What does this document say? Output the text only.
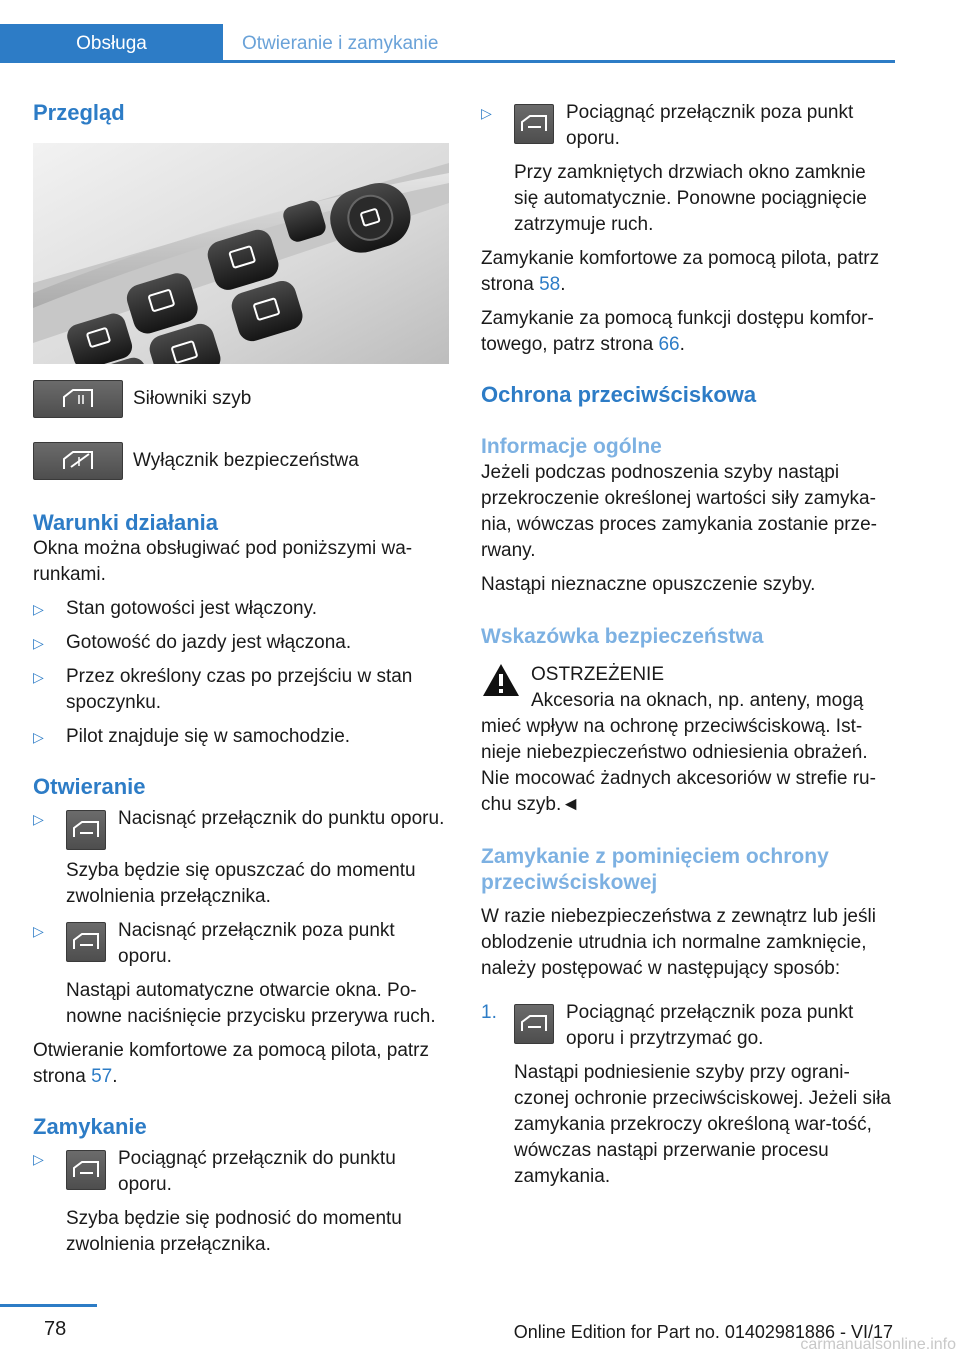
Obsługa	Otwieranie i zamykanie
Przegląd
Siłowniki szyb
Wyłącznik bezpieczeństwa
Warunki działania

Okna można obsługiwać pod poniższymi wa-runkami.

▷	Stan gotowości jest włączony.
▷	Gotowość do jazdy jest włączona.
▷	Przez określony czas po przejściu w stan spoczynku.
▷	Pilot znajduje się w samochodzie.
Otwieranie
▷	Nacisnąć przełącznik do punktu oporu.

Szyba będzie się opuszczać do momentu zwolnienia przełącznika.

▷	Nacisnąć przełącznik poza punkt oporu.

Nastąpi automatyczne otwarcie okna. Po-nowne naciśnięcie przycisku przerywa ruch.

Otwieranie komfortowe za pomocą pilota, patrz strona 57.

Zamykanie
▷	Pociągnąć przełącznik do punktu oporu.

Szyba będzie się podnosić do momentu zwolnienia przełącznika.

▷	Pociągnąć przełącznik poza punkt oporu.

Przy zamkniętych drzwiach okno zamknie się automatycznie. Ponowne pociągnięcie zatrzymuje ruch.

Zamykanie komfortowe za pomocą pilota, patrz strona 58.

Zamykanie za pomocą funkcji dostępu komfor-towego, patrz strona 66.

Ochrona przeciwściskowa
Informacje ogólne

Jeżeli podczas podnoszenia szyby nastąpi przekroczenie określonej wartości siły zamyka-nia, wówczas proces zamykania zostanie prze-rwany.

Nastąpi nieznaczne opuszczenie szyby.

Wskazówka bezpieczeństwa
OSTRZEŻENIE

Akcesoria na oknach, np. anteny, mogą mieć wpływ na ochronę przeciwściskową. Ist-nieje niebezpieczeństwo odniesienia obrażeń. Nie mocować żadnych akcesoriów w strefie ru-chu szyb.◄

Zamykanie z pominięciem ochrony przeciwściskowej

W razie niebezpieczeństwa z zewnątrz lub jeśli oblodzenie utrudnia ich normalne zamknięcie, należy postępować w następujący sposób:

1.	Pociągnąć przełącznik poza punkt oporu i przytrzymać go.

Nastąpi podniesienie szyby przy ograni-czonej ochronie przeciwściskowej. Jeżeli siła zamykania przekroczy określoną war-tość, wówczas nastąpi przerwanie procesu zamykania.

78	Online Edition for Part no. 01402981886 - VI/17
carmanualsonline.info
